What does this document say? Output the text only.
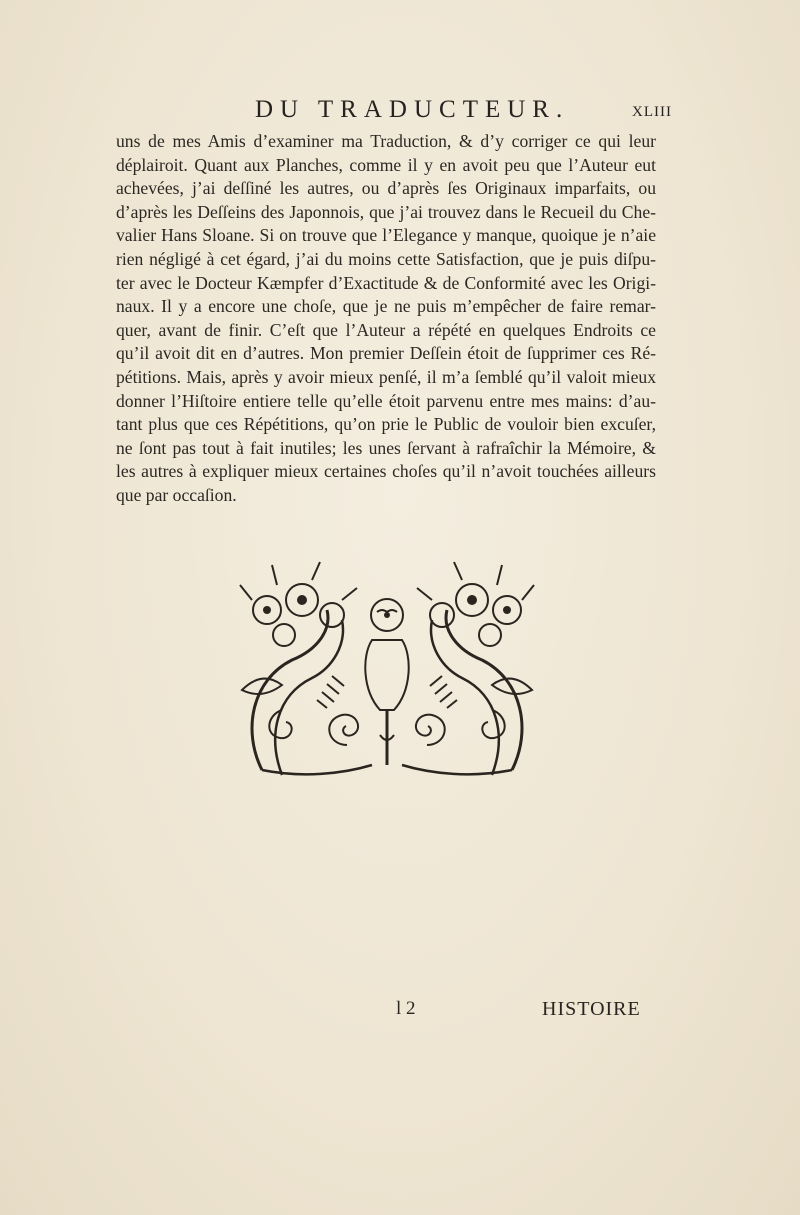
DU TRADUCTEUR.	XLIII
uns de mes Amis d’examiner ma Traduction, & d’y corriger ce qui leur
déplairoit. Quant aux Planches, comme il y en avoit peu que l’Auteur eut
achevées, j’ai deſſiné les autres, ou d’après ſes Originaux imparfaits, ou
d’après les Deſſeins des Japonnois, que j’ai trouvez dans le Recueil du Che-
valier Hans Sloane. Si on trouve que l’Elegance y manque, quoique je n’aie
rien négligé à cet égard, j’ai du moins cette Satisfaction, que je puis diſpu-
ter avec le Docteur Kæmpfer d’Exactitude & de Conformité avec les Origi-
naux. Il y a encore une choſe, que je ne puis m’empêcher de faire remar-
quer, avant de finir. C’eſt que l’Auteur a répété en quelques Endroits ce
qu’il avoit dit en d’autres. Mon premier Deſſein étoit de ſupprimer ces Ré-
pétitions. Mais, après y avoir mieux penſé, il m’a ſemblé qu’il valoit mieux
donner l’Hiſtoire entiere telle qu’elle étoit parvenu entre mes mains: d’au-
tant plus que ces Répétitions, qu’on prie le Public de vouloir bien excuſer,
ne ſont pas tout à fait inutiles; les unes ſervant à rafraîchir la Mémoire, &
les autres à expliquer mieux certaines choſes qu’il n’avoit touchées ailleurs
que par occaſion.
l 2	HISTOIRE
